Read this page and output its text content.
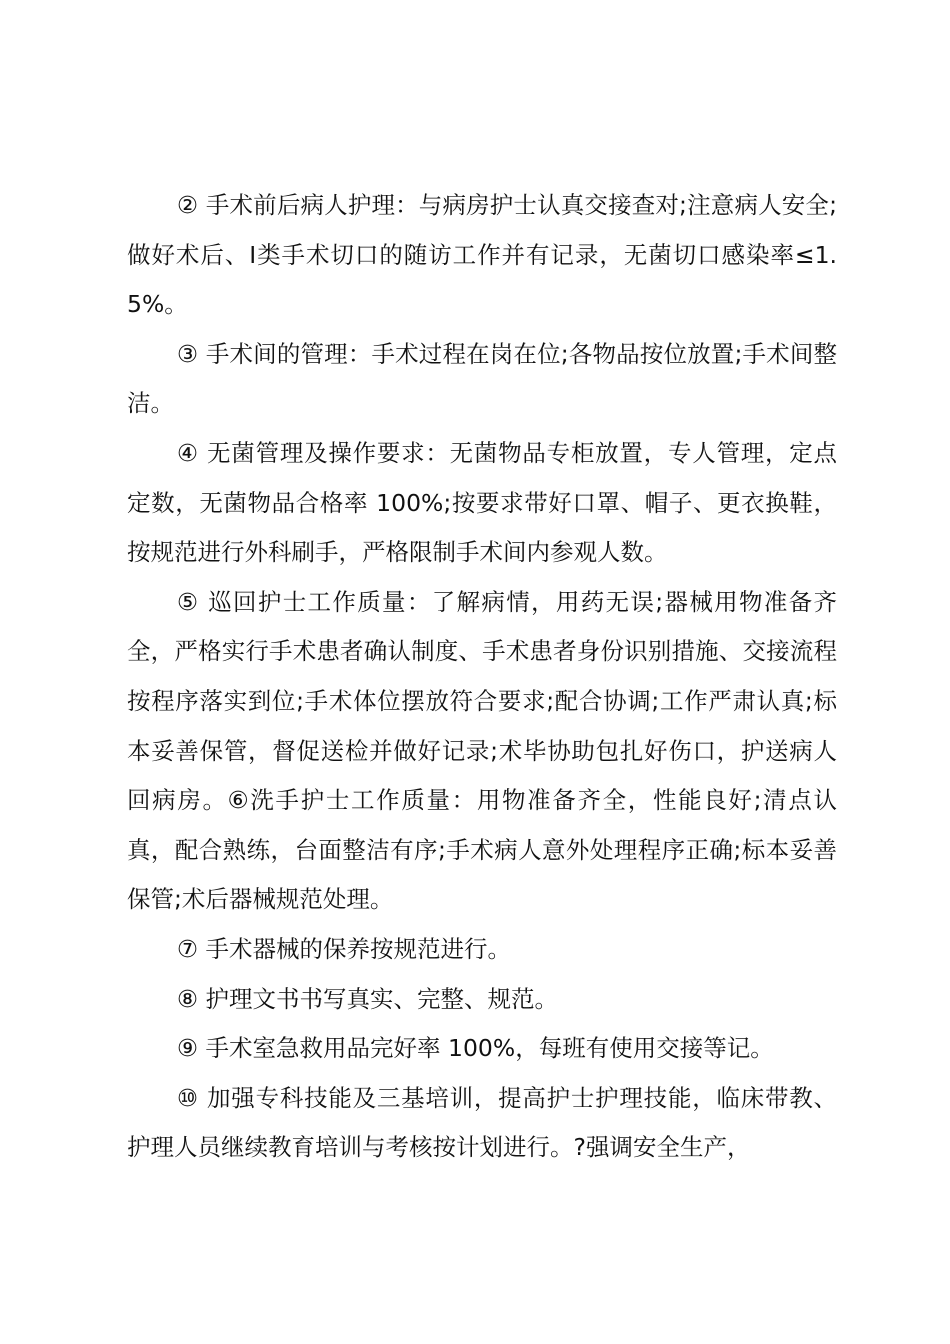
② 手术前后病人护理：与病房护士认真交接查对;注意病人安全;做好术后、Ⅰ类手术切口的随访工作并有记录，无菌切口感染率≤1.5%。

③ 手术间的管理：手术过程在岗在位;各物品按位放置;手术间整洁。

④ 无菌管理及操作要求：无菌物品专柜放置，专人管理，定点定数，无菌物品合格率 100%;按要求带好口罩、帽子、更衣换鞋，按规范进行外科刷手，严格限制手术间内参观人数。

⑤ 巡回护士工作质量：了解病情，用药无误;器械用物准备齐全，严格实行手术患者确认制度、手术患者身份识别措施、交接流程按程序落实到位;手术体位摆放符合要求;配合协调;工作严肃认真;标本妥善保管，督促送检并做好记录;术毕协助包扎好伤口，护送病人回病房。⑥洗手护士工作质量：用物准备齐全，性能良好;清点认真，配合熟练，台面整洁有序;手术病人意外处理程序正确;标本妥善保管;术后器械规范处理。

⑦ 手术器械的保养按规范进行。

⑧ 护理文书书写真实、完整、规范。

⑨ 手术室急救用品完好率 100%，每班有使用交接等记。

⑩ 加强专科技能及三基培训，提高护士护理技能，临床带教、护理人员继续教育培训与考核按计划进行。?强调安全生产，
